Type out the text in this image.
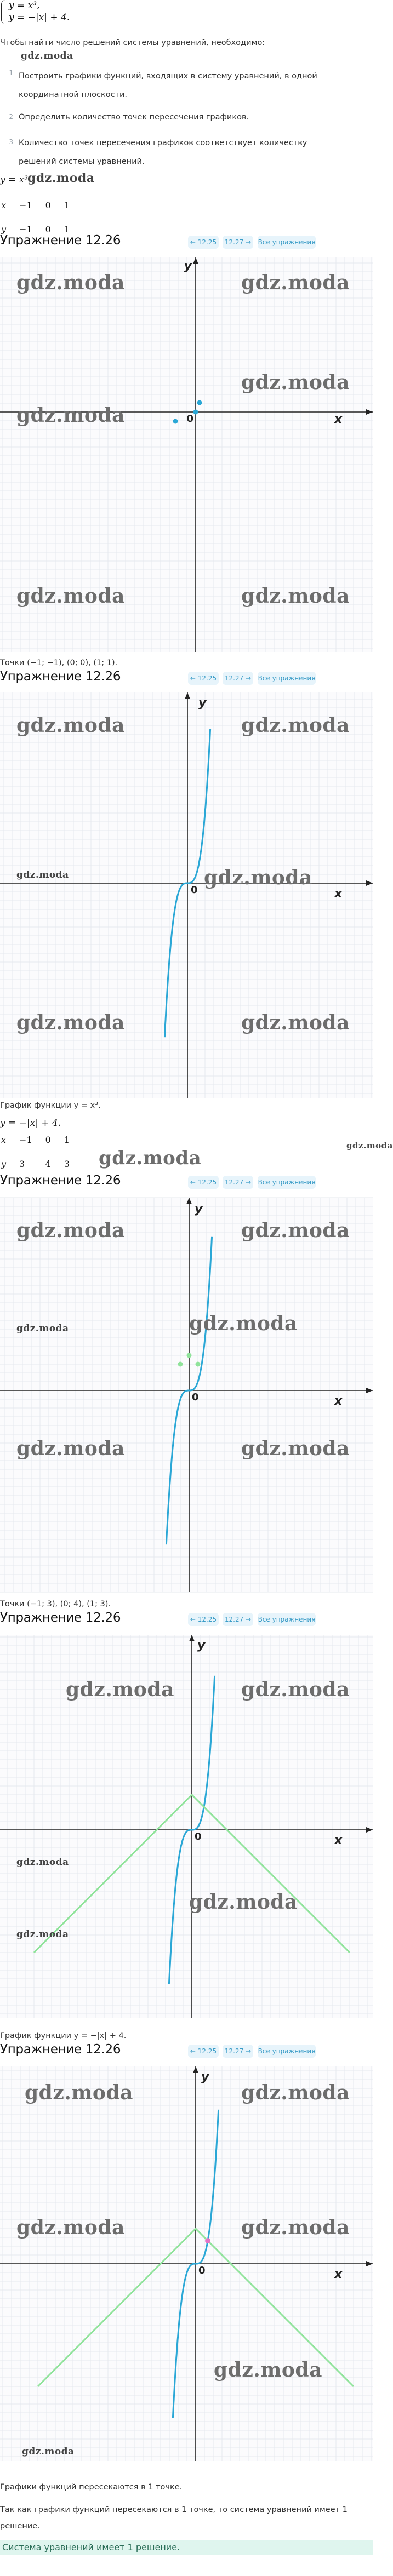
y = x³,
y = −|x| + 4.
Чтобы найти число решений системы уравнений, необходимо:
gdz.moda
1 Построить графики функций, входящих в систему уравнений, в одной координатной плоскости.
2 Определить количество точек пересечения графиков.
3 Количество точек пересечения графиков соответствует количеству решений системы уравнений.
y = x³
gdz.moda
x	−1	0	1
y	−1	0	1
Упражнение 12.26	← 12.25	12.27 →	Все упражнения
x
y
0
gdz.moda	gdz.moda
gdz.moda
gdz.moda
gdz.moda	gdz.moda
Точки (−1; −1), (0; 0), (1; 1).
Упражнение 12.26	← 12.25	12.27 →	Все упражнения
x
y
0
gdz.moda	gdz.moda
gdz.moda
gdz.moda
gdz.moda	gdz.moda
График функции y = x³.
y = −|x| + 4.
gdz.moda
gdz.moda
x	−1	0	1
y	3	4	3
Упражнение 12.26	← 12.25	12.27 →	Все упражнения
x
y
0
gdz.moda	gdz.moda
gdz.moda
gdz.moda
gdz.moda	gdz.moda
Точки (−1; 3), (0; 4), (1; 3).
Упражнение 12.26	← 12.25	12.27 →	Все упражнения
x
y
0
gdz.moda	gdz.moda
gdz.moda
gdz.moda
gdz.moda
График функции y = −|x| + 4.
Упражнение 12.26	← 12.25	12.27 →	Все упражнения
x
y
0
gdz.moda	gdz.moda
gdz.moda	gdz.moda
gdz.moda
gdz.moda
Графики функций пересекаются в 1 точке.
Так как графики функций пересекаются в 1 точке, то система уравнений имеет 1 решение.
Система уравнений имеет 1 решение.
